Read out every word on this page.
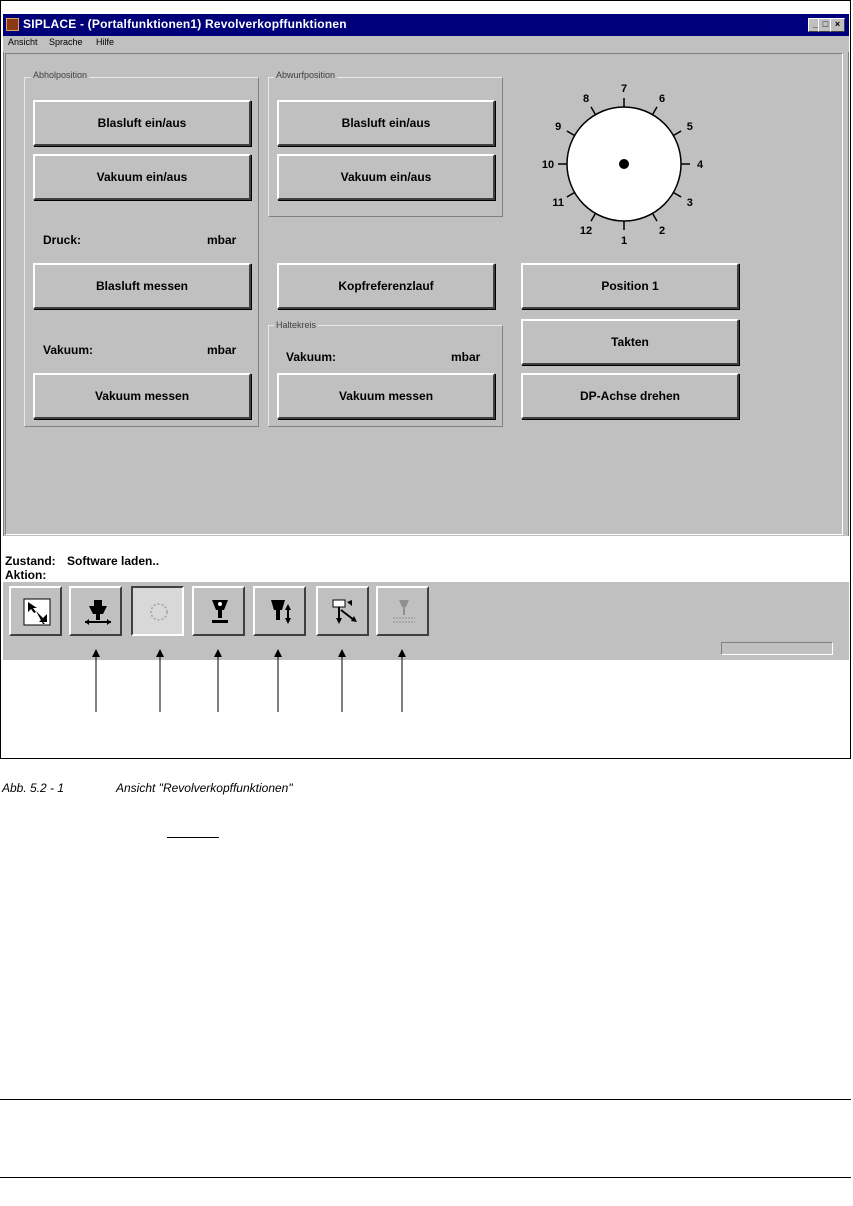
SIPLACE - (Portalfunktionen1) Revolverkopffunktionen	_ □ ×
Ansicht Sprache Hilfe
Abholposition	Abwurfposition
Haltekreis
Blasluft ein/aus
Vakuum ein/aus
Druck:	mbar
Blasluft messen
Vakuum:	mbar
Vakuum messen
Blasluft ein/aus
Vakuum ein/aus
Kopfreferenzlauf
Vakuum:	mbar
Vakuum messen
Position 1
Takten
DP-Achse drehen
1
2
3
4
5
6
7
8
9
10
11
12
Zustand: Software laden..
Aktion:
Abb. 5.2 - 1	Ansicht "Revolverkopffunktionen"
